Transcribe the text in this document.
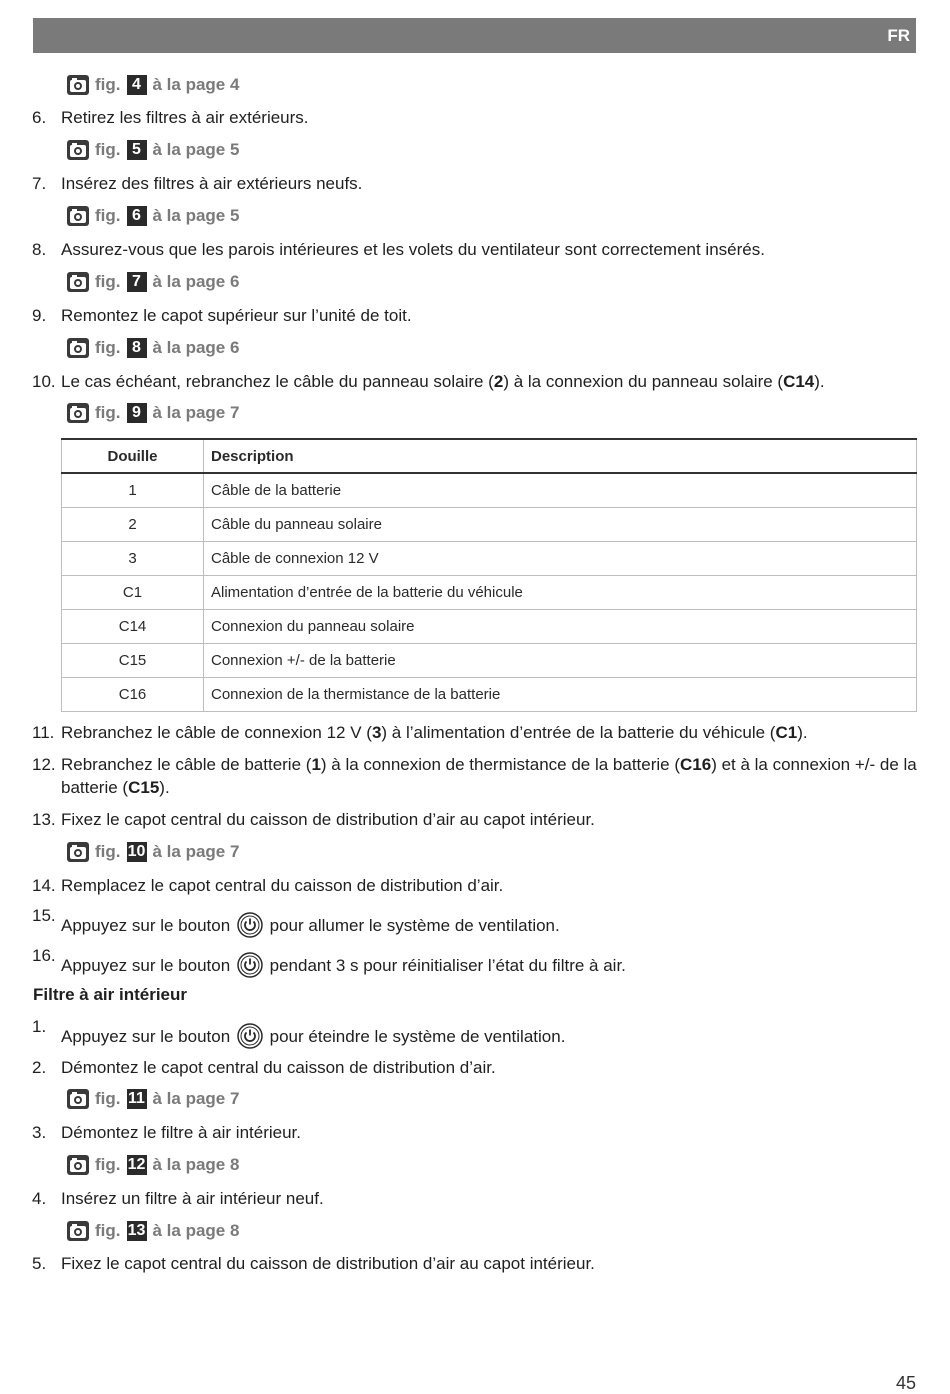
FR
fig. 4 à la page 4
6. Retirez les filtres à air extérieurs.
fig. 5 à la page 5
7. Insérez des filtres à air extérieurs neufs.
fig. 6 à la page 5
8. Assurez-vous que les parois intérieures et les volets du ventilateur sont correctement insérés.
fig. 7 à la page 6
9. Remontez le capot supérieur sur l’unité de toit.
fig. 8 à la page 6
10. Le cas échéant, rebranchez le câble du panneau solaire (2) à la connexion du panneau solaire (C14).
fig. 9 à la page 7
Douille	Description
1	Câble de la batterie
2	Câble du panneau solaire
3	Câble de connexion 12 V
C1	Alimentation d’entrée de la batterie du véhicule
C14	Connexion du panneau solaire
C15	Connexion +/- de la batterie
C16	Connexion de la thermistance de la batterie
11. Rebranchez le câble de connexion 12 V (3) à l’alimentation d’entrée de la batterie du véhicule (C1).
12. Rebranchez le câble de batterie (1) à la connexion de thermistance de la batterie (C16) et à la connexion +/- de la batterie (C15).
13. Fixez le capot central du caisson de distribution d’air au capot intérieur.
fig. 10 à la page 7
14. Remplacez le capot central du caisson de distribution d’air.
15.
Appuyez sur le bouton pour allumer le système de ventilation.
16.
Appuyez sur le bouton pendant 3 s pour réinitialiser l’état du filtre à air.
Filtre à air intérieur
1.
Appuyez sur le bouton pour éteindre le système de ventilation.
2. Démontez le capot central du caisson de distribution d’air.
fig. 11 à la page 7
3. Démontez le filtre à air intérieur.
fig. 12 à la page 8
4. Insérez un filtre à air intérieur neuf.
fig. 13 à la page 8
5. Fixez le capot central du caisson de distribution d’air au capot intérieur.
45
